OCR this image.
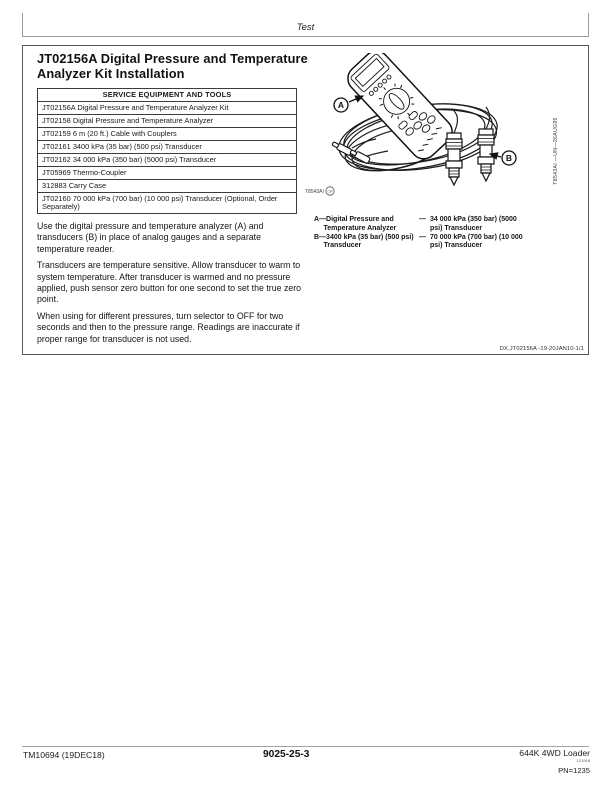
Test
JT02156A Digital Pressure and Temperature
Analyzer Kit Installation
SERVICE EQUIPMENT AND TOOLS
JT02156A Digital Pressure and Temperature Analyzer Kit
JT02158 Digital Pressure and Temperature Analyzer
JT02159 6 m (20 ft.) Cable with Couplers
JT02161 3400 kPa (35 bar) (500 psi) Transducer
JT02162 34 000 kPa (350 bar) (5000 psi) Transducer
JT05969 Thermo-Coupler
312883 Carry Case
JT02160 70 000 kPa (700 bar) (10 000 psi) Transducer (Optional, Order Separately)

Use the digital pressure and temperature analyzer (A) and transducers (B) in place of analog gauges and a separate temperature reader.

Transducers are temperature sensitive. Allow transducer to warm to system temperature. After transducer is warmed and no pressure applied, push sensor zero button for one second to set the true zero point.

When using for different pressures, turn selector to OFF for two seconds and then to the pressure range. Readings are inaccurate if proper range for transducer is not used.

A
B
T8543AI CW
T8543AI —UN—26AUG95
A—Digital Pressure and
Temperature Analyzer
B—3400 kPa (35 bar) (500 psi)
Transducer
— 34 000 kPa (350 bar) (5000
psi) Transducer
— 70 000 kPa (700 bar) (10 000
psi) Transducer
DX,JT02156A -19-20JAN10-1/1
TM10694 (19DEC18)	9025-25-3	644K 4WD Loader
121918
PN=1235
